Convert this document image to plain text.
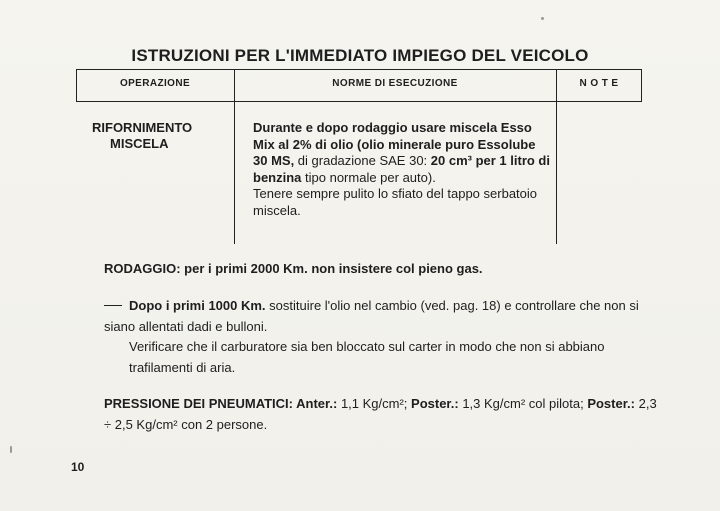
ISTRUZIONI PER L'IMMEDIATO IMPIEGO DEL VEICOLO
OPERAZIONE	NORME DI ESECUZIONE	N O T E
RIFORNIMENTO
MISCELA
Durante e dopo rodaggio usare miscela Esso Mix al 2% di olio (olio minerale puro Essolube 30 MS, di gradazione SAE 30: 20 cm³ per 1 litro di benzina tipo normale per auto).
Tenere sempre pulito lo sfiato del tappo serbatoio miscela.
RODAGGIO: per i primi 2000 Km. non insistere col pieno gas.
Dopo i primi 1000 Km. sostituire l'olio nel cambio (ved. pag. 18) e controllare che non si siano allentati dadi e bulloni.
Verificare che il carburatore sia ben bloccato sul carter in modo che non si abbiano trafilamenti di aria.
PRESSIONE DEI PNEUMATICI: Anter.: 1,1 Kg/cm²; Poster.: 1,3 Kg/cm² col pilota; Poster.: 2,3 ÷ 2,5 Kg/cm² con 2 persone.
10
